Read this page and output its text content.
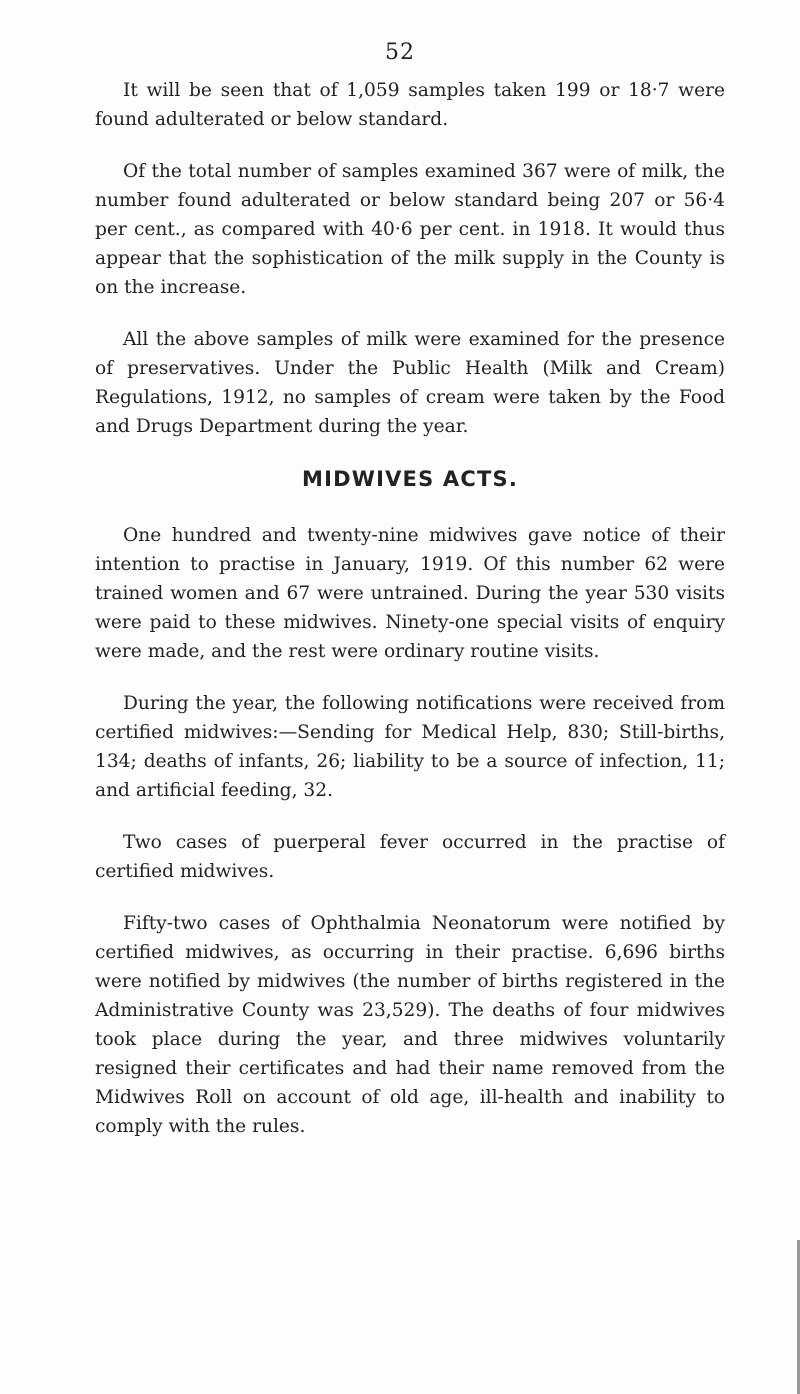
52

It will be seen that of 1,059 samples taken 199 or 18·7 were found adulterated or below standard.

Of the total number of samples examined 367 were of milk, the number found adulterated or below standard being 207 or 56·4 per cent., as compared with 40·6 per cent. in 1918. It would thus appear that the sophistication of the milk supply in the County is on the increase.

All the above samples of milk were examined for the presence of preservatives. Under the Public Health (Milk and Cream) Regulations, 1912, no samples of cream were taken by the Food and Drugs Department during the year.

MIDWIVES ACTS.

One hundred and twenty-nine midwives gave notice of their intention to practise in January, 1919. Of this number 62 were trained women and 67 were untrained. During the year 530 visits were paid to these midwives. Ninety-one special visits of enquiry were made, and the rest were ordinary routine visits.

During the year, the following notifications were received from certified midwives:—Sending for Medical Help, 830; Still-births, 134; deaths of infants, 26; liability to be a source of infection, 11; and artificial feeding, 32.

Two cases of puerperal fever occurred in the practise of certified midwives.

Fifty-two cases of Ophthalmia Neonatorum were notified by certified midwives, as occurring in their practise. 6,696 births were notified by midwives (the number of births registered in the Administrative County was 23,529). The deaths of four midwives took place during the year, and three midwives voluntarily resigned their certificates and had their name removed from the Midwives Roll on account of old age, ill-health and inability to comply with the rules.
